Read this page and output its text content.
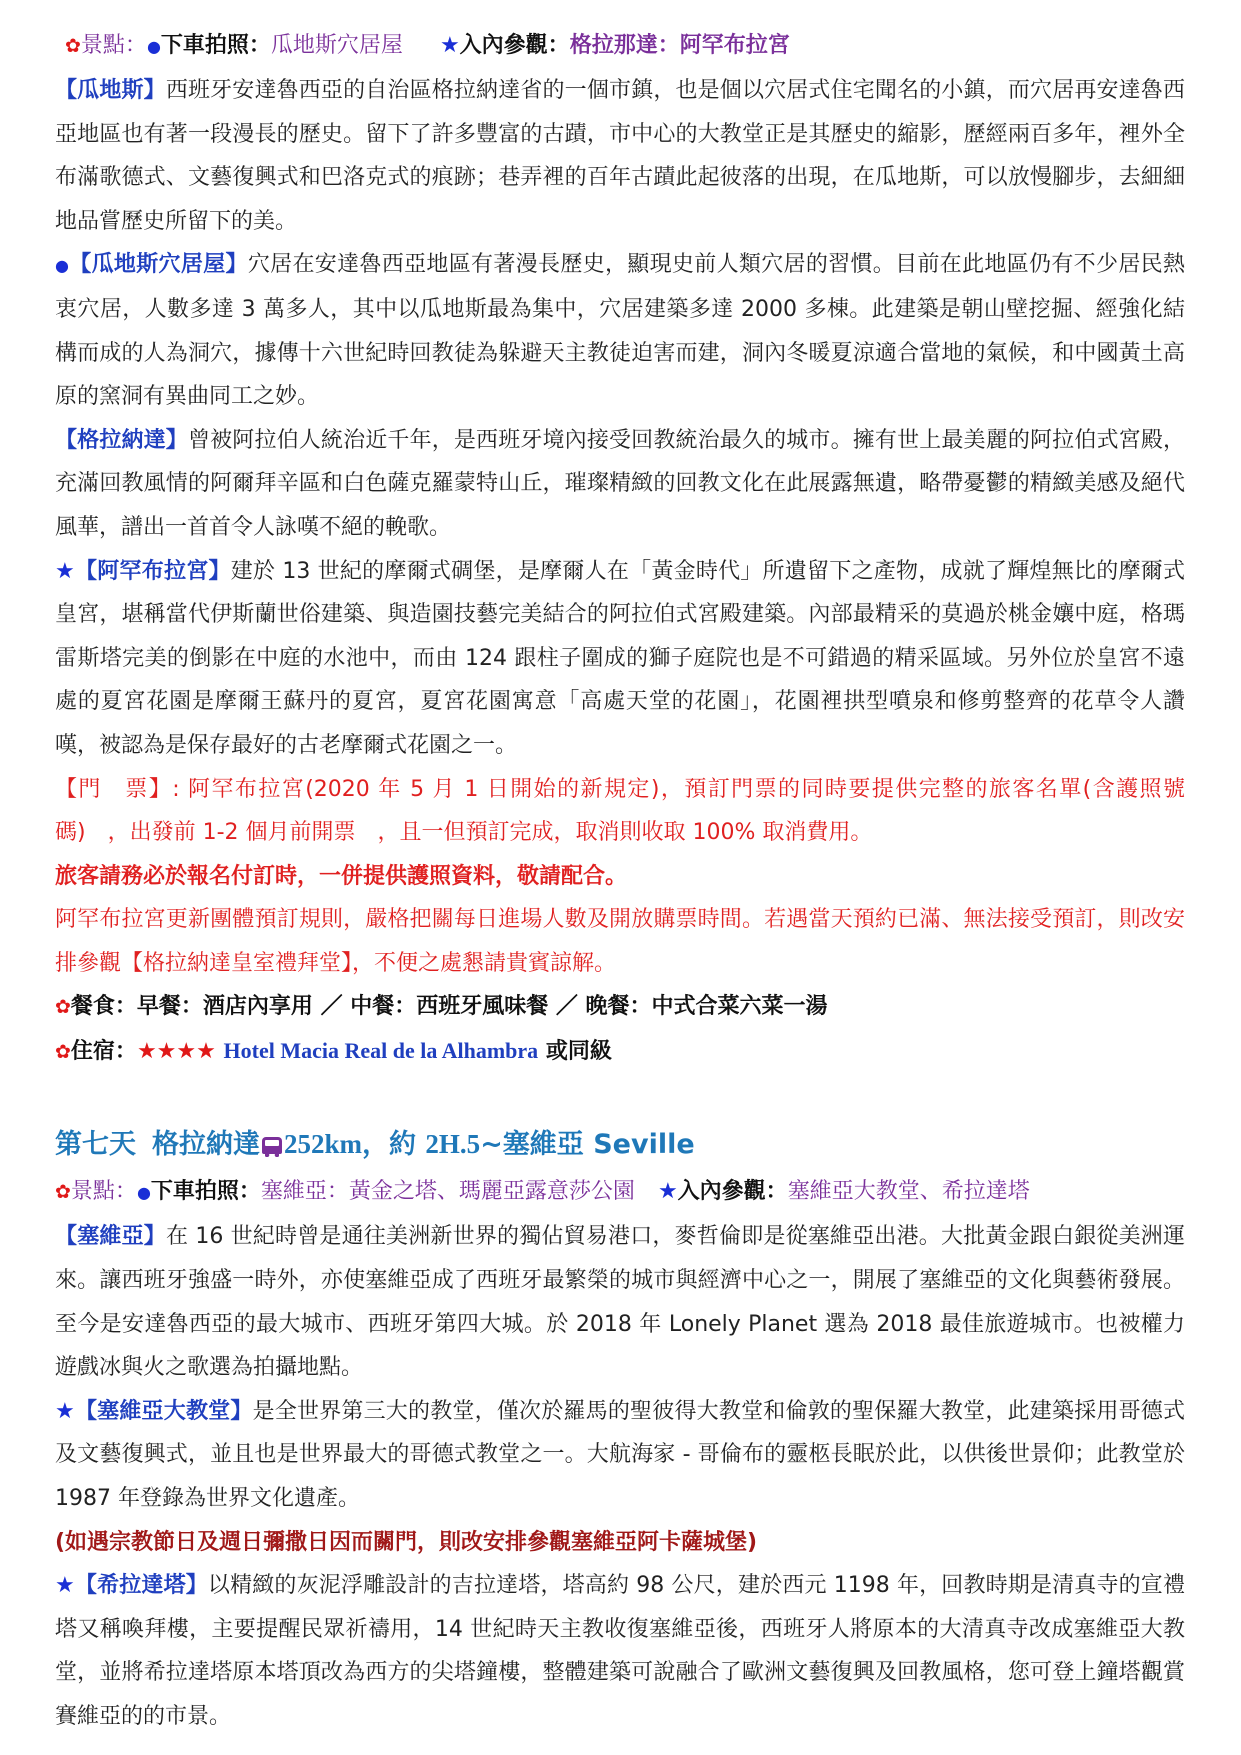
✿景點：●下車拍照：瓜地斯穴居屋 ★入內參觀：格拉那達：阿罕布拉宮

【瓜地斯】西班牙安達魯西亞的自治區格拉納達省的一個市鎮，也是個以穴居式住宅聞名的小鎮，而穴居再安達魯西亞地區也有著一段漫長的歷史。留下了許多豐富的古蹟，市中心的大教堂正是其歷史的縮影，歷經兩百多年，裡外全布滿歌德式、文藝復興式和巴洛克式的痕跡；巷弄裡的百年古蹟此起彼落的出現，在瓜地斯，可以放慢腳步，去細細地品嘗歷史所留下的美。

●【瓜地斯穴居屋】穴居在安達魯西亞地區有著漫長歷史，顯現史前人類穴居的習慣。目前在此地區仍有不少居民熱衷穴居，人數多達 3 萬多人，其中以瓜地斯最為集中，穴居建築多達 2000 多棟。此建築是朝山壁挖掘、經強化結構而成的人為洞穴，據傳十六世紀時回教徒為躲避天主教徒迫害而建，洞內冬暖夏涼適合當地的氣候，和中國黃土高原的窯洞有異曲同工之妙。

【格拉納達】曾被阿拉伯人統治近千年，是西班牙境內接受回教統治最久的城市。擁有世上最美麗的阿拉伯式宮殿，充滿回教風情的阿爾拜辛區和白色薩克羅蒙特山丘，璀璨精緻的回教文化在此展露無遺，略帶憂鬱的精緻美感及絕代風華，譜出一首首令人詠嘆不絕的輓歌。

★【阿罕布拉宮】建於 13 世紀的摩爾式碉堡，是摩爾人在「黃金時代」所遺留下之產物，成就了輝煌無比的摩爾式皇宮，堪稱當代伊斯蘭世俗建築、與造園技藝完美結合的阿拉伯式宮殿建築。內部最精采的莫過於桃金孃中庭，格瑪雷斯塔完美的倒影在中庭的水池中，而由 124 跟柱子圍成的獅子庭院也是不可錯過的精采區域。另外位於皇宮不遠處的夏宮花園是摩爾王蘇丹的夏宮，夏宮花園寓意「高處天堂的花園」，花園裡拱型噴泉和修剪整齊的花草令人讚嘆，被認為是保存最好的古老摩爾式花園之一。

【門　票】: 阿罕布拉宮(2020 年 5 月 1 日開始的新規定)，預訂門票的同時要提供完整的旅客名單(含護照號碼)　，出發前 1-2 個月前開票　，且一但預訂完成，取消則收取 100% 取消費用。

旅客請務必於報名付訂時，一併提供護照資料，敬請配合。

阿罕布拉宮更新團體預訂規則，嚴格把關每日進場人數及開放購票時間。若遇當天預約已滿、無法接受預訂，則改安排參觀【格拉納達皇室禮拜堂】，不便之處懇請貴賓諒解。

✿餐食：早餐：酒店內享用 ／ 中餐：西班牙風味餐 ／ 晚餐：中式合菜六菜一湯

✿住宿：★★★★ Hotel Macia Real de la Alhambra 或同級

第七天 格拉納達 252km，約 2H.5~塞維亞 Seville

✿景點：●下車拍照：塞維亞：黃金之塔、瑪麗亞露意莎公園 ★入內參觀：塞維亞大教堂、希拉達塔

【塞維亞】在 16 世紀時曾是通往美洲新世界的獨佔貿易港口，麥哲倫即是從塞維亞出港。大批黃金跟白銀從美洲運來。讓西班牙強盛一時外，亦使塞維亞成了西班牙最繁榮的城市與經濟中心之一，開展了塞維亞的文化與藝術發展。至今是安達魯西亞的最大城市、西班牙第四大城。於 2018 年 Lonely Planet 選為 2018 最佳旅遊城市。也被權力遊戲冰與火之歌選為拍攝地點。

★【塞維亞大教堂】是全世界第三大的教堂，僅次於羅馬的聖彼得大教堂和倫敦的聖保羅大教堂，此建築採用哥德式及文藝復興式，並且也是世界最大的哥德式教堂之一。大航海家 - 哥倫布的靈柩長眠於此，以供後世景仰；此教堂於 1987 年登錄為世界文化遺產。

(如遇宗教節日及週日彌撒日因而關門，則改安排參觀塞維亞阿卡薩城堡)

★【希拉達塔】以精緻的灰泥浮雕設計的吉拉達塔，塔高約 98 公尺，建於西元 1198 年，回教時期是清真寺的宣禮塔又稱喚拜樓，主要提醒民眾祈禱用，14 世紀時天主教收復塞維亞後，西班牙人將原本的大清真寺改成塞維亞大教堂，並將希拉達塔原本塔頂改為西方的尖塔鐘樓，整體建築可說融合了歐洲文藝復興及回教風格，您可登上鐘塔觀賞賽維亞的的市景。
